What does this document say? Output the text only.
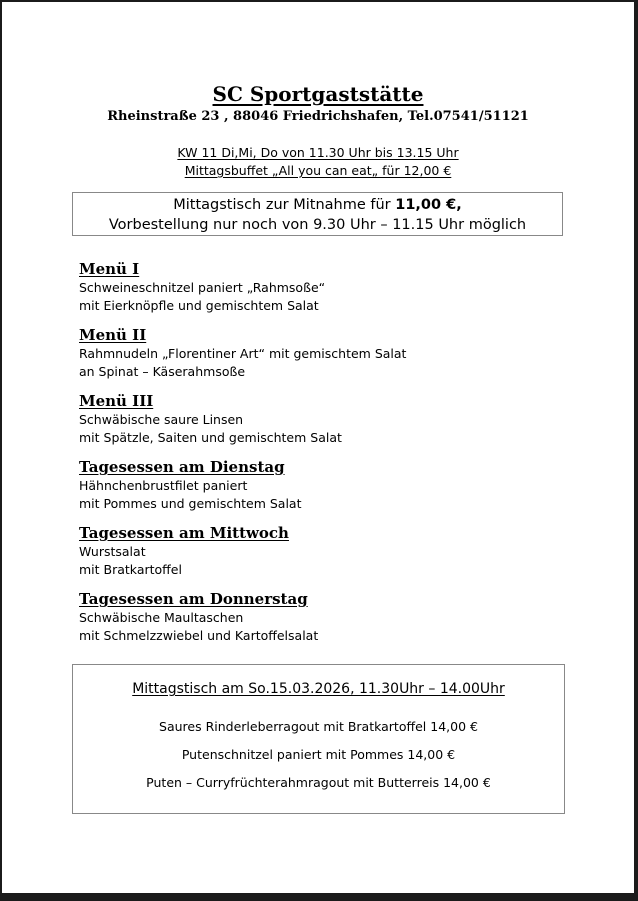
SC Sportgaststätte
Rheinstraße 23 , 88046 Friedrichshafen, Tel.07541/51121
KW 11 Di,Mi, Do von 11.30 Uhr bis 13.15 Uhr
Mittagsbuffet „All you can eat„ für 12,00 €
Mittagstisch zur Mitnahme für 11,00 €,
Vorbestellung nur noch von 9.30 Uhr – 11.15 Uhr möglich
Menü I
Schweineschnitzel paniert „Rahmsoße“
mit Eierknöpfle und gemischtem Salat
Menü II
Rahmnudeln „Florentiner Art“ mit gemischtem Salat
an Spinat – Käserahmsoße
Menü III
Schwäbische saure Linsen
mit Spätzle, Saiten und gemischtem Salat
Tagesessen am Dienstag
Hähnchenbrustfilet paniert
mit Pommes und gemischtem Salat
Tagesessen am Mittwoch
Wurstsalat
mit Bratkartoffel
Tagesessen am Donnerstag
Schwäbische Maultaschen
mit Schmelzzwiebel und Kartoffelsalat
Mittagstisch am So.15.03.2026, 11.30Uhr – 14.00Uhr
Saures Rinderleberragout mit Bratkartoffel 14,00 €
Putenschnitzel paniert mit Pommes 14,00 €
Puten – Curryfrüchterahmragout mit Butterreis 14,00 €
